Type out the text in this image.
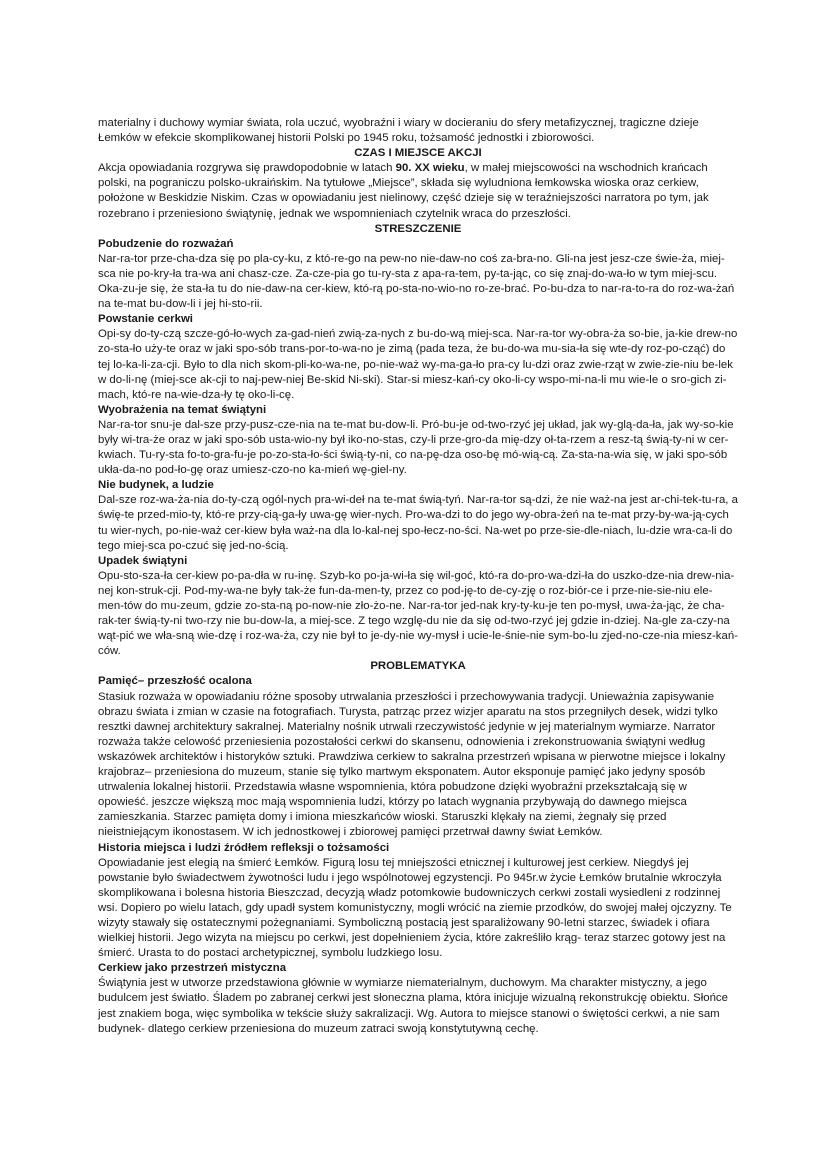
materialny i duchowy wymiar świata, rola uczuć, wyobraźni i wiary w docieraniu do sfery metafizycznej, tragiczne dzieje Łemków w efekcie skomplikowanej historii Polski po 1945 roku, tożsamość jednostki i zbiorowości.

CZAS I MIEJSCE AKCJI

Akcja opowiadania rozgrywa się prawdopodobnie w latach 90. XX wieku, w małej miejscowości na wschodnich krańcach polski, na pograniczu polsko-ukraińskim. Na tytułowe „Miejsce”, składa się wyludniona łemkowska wioska oraz cerkiew, położone w Beskidzie Niskim. Czas w opowiadaniu jest nielinowy, część dzieje się w teraźniejszości narratora po tym, jak rozebrano i przeniesiono świątynię, jednak we wspomnieniach czytelnik wraca do przeszłości.

STRESZCZENIE
Pobudzenie do rozważań

Nar-ra-tor prze-cha-dza się po pla-cy-ku, z któ-re-go na pew-no nie-daw-no coś za-bra-no. Gli-na jest jesz-cze świe-ża, miej-sca nie po-kry-ła tra-wa ani chasz-cze. Za-cze-pia go tu-ry-sta z apa-ra-tem, py-ta-jąc, co się znaj-do-wa-ło w tym miej-scu. Oka-zu-je się, że sta-ła tu do nie-daw-na cer-kiew, któ-rą po-sta-no-wio-no ro-ze-brać. Po-bu-dza to nar-ra-to-ra do roz-wa-żań na te-mat bu-dow-li i jej hi-sto-rii.

Powstanie cerkwi

Opi-sy do-ty-czą szcze-gó-ło-wych za-gad-nień zwią-za-nych z bu-do-wą miej-sca. Nar-ra-tor wy-obra-ża so-bie, ja-kie drew-no zo-sta-ło uży-te oraz w jaki spo-sób trans-por-to-wa-no je zimą (pada teza, że bu-do-wa mu-sia-ła się wte-dy roz-po-cząć) do tej lo-ka-li-za-cji. Było to dla nich skom-pli-ko-wa-ne, po-nie-waż wy-ma-ga-ło pra-cy lu-dzi oraz zwie-rząt w zwie-zie-niu be-lek w do-li-nę (miej-sce ak-cji to naj-pew-niej Be-skid Ni-ski). Star-si miesz-kań-cy oko-li-cy wspo-mi-na-li mu wie-le o sro-gich zi-mach, któ-re na-wie-dza-ły tę oko-li-cę.

Wyobrażenia na temat świątyni

Nar-ra-tor snu-je dal-sze przy-pusz-cze-nia na te-mat bu-dow-li. Pró-bu-je od-two-rzyć jej układ, jak wy-glą-da-ła, jak wy-so-kie były wi-tra-że oraz w jaki spo-sób usta-wio-ny był iko-no-stas, czy-li prze-gro-da mię-dzy oł-ta-rzem a resz-tą świą-ty-ni w cer-kwiach. Tu-ry-sta fo-to-gra-fu-je po-zo-sta-ło-ści świą-ty-ni, co na-pę-dza oso-bę mó-wią-cą. Za-sta-na-wia się, w jaki spo-sób ukła-da-no pod-ło-gę oraz umiesz-czo-no ka-mień wę-giel-ny.

Nie budynek, a ludzie

Dal-sze roz-wa-ża-nia do-ty-czą ogól-nych pra-wi-deł na te-mat świą-tyń. Nar-ra-tor są-dzi, że nie waż-na jest ar-chi-tek-tu-ra, a świę-te przed-mio-ty, któ-re przy-cią-ga-ły uwa-gę wier-nych. Pro-wa-dzi to do jego wy-obra-żeń na te-mat przy-by-wa-ją-cych tu wier-nych, po-nie-waż cer-kiew była waż-na dla lo-kal-nej spo-łecz-no-ści. Na-wet po prze-sie-dle-niach, lu-dzie wra-ca-li do tego miej-sca po-czuć się jed-no-ścią.

Upadek świątyni

Opu-sto-sza-ła cer-kiew po-pa-dła w ru-inę. Szyb-ko po-ja-wi-ła się wil-goć, któ-ra do-pro-wa-dzi-ła do uszko-dze-nia drew-nia-nej kon-struk-cji. Pod-my-wa-ne były tak-że fun-da-men-ty, przez co pod-ję-to de-cy-zję o roz-biór-ce i prze-nie-sie-niu ele-men-tów do mu-zeum, gdzie zo-sta-ną po-now-nie zło-żo-ne. Nar-ra-tor jed-nak kry-ty-ku-je ten po-mysł, uwa-ża-jąc, że cha-rak-ter świą-ty-ni two-rzy nie bu-dow-la, a miej-sce. Z tego wzglę-du nie da się od-two-rzyć jej gdzie in-dziej. Na-gle za-czy-na wąt-pić we wła-sną wie-dzę i roz-wa-ża, czy nie był to je-dy-nie wy-mysł i ucie-le-śnie-nie sym-bo-lu zjed-no-cze-nia miesz-kań-ców.

PROBLEMATYKA
Pamięć– przeszłość ocalona

Stasiuk rozważa w opowiadaniu różne sposoby utrwalania przeszłości i przechowywania tradycji. Unieważnia zapisywanie obrazu świata i zmian w czasie na fotografiach. Turysta, patrząc przez wizjer aparatu na stos przegniłych desek, widzi tylko resztki dawnej architektury sakralnej. Materialny nośnik utrwali rzeczywistość jedynie w jej materialnym wymiarze. Narrator rozważa także celowość przeniesienia pozostałości cerkwi do skansenu, odnowienia i zrekonstruowania świątyni według wskazówek architektów i historyków sztuki. Prawdziwa cerkiew to sakralna przestrzeń wpisana w pierwotne miejsce i lokalny krajobraz– przeniesiona do muzeum, stanie się tylko martwym eksponatem. Autor eksponuje pamięć jako jedyny sposób utrwalenia lokalnej historii. Przedstawia własne wspomnienia, która pobudzone dzięki wyobraźni przekształcają się w opowieść. jeszcze większą moc mają wspomnienia ludzi, którzy po latach wygnania przybywają do dawnego miejsca zamieszkania. Starzec pamięta domy i imiona mieszkańców wioski. Staruszki klękały na ziemi, żegnały się przed nieistniejącym ikonostasem. W ich jednostkowej i zbiorowej pamięci przetrwał dawny świat Łemków.

Historia miejsca i ludzi źródłem refleksji o tożsamości

Opowiadanie jest elegią na śmierć Łemków. Figurą losu tej mniejszości etnicznej i kulturowej jest cerkiew. Niegdyś jej powstanie było świadectwem żywotności ludu i jego wspólnotowej egzystencji. Po 945r.w życie Łemków brutalnie wkroczyła skomplikowana i bolesna historia Bieszczad, decyzją władz potomkowie budowniczych cerkwi zostali wysiedleni z rodzinnej wsi. Dopiero po wielu latach, gdy upadł system komunistyczny, mogli wrócić na ziemie przodków, do swojej małej ojczyzny. Te wizyty stawały się ostatecznymi pożegnaniami. Symboliczną postacią jest sparaliżowany 90-letni starzec, świadek i ofiara wielkiej historii. Jego wizyta na miejscu po cerkwi, jest dopełnieniem życia, które zakreśliło krąg- teraz starzec gotowy jest na śmierć. Urasta to do postaci archetypicznej, symbolu ludzkiego losu.

Cerkiew jako przestrzeń mistyczna

Świątynia jest w utworze przedstawiona głównie w wymiarze niematerialnym, duchowym. Ma charakter mistyczny, a jego budulcem jest światło. Śladem po zabranej cerkwi jest słoneczna plama, która inicjuje wizualną rekonstrukcję obiektu. Słońce jest znakiem boga, więc symbolika w tekście służy sakralizacji. Wg. Autora to miejsce stanowi o świętości cerkwi, a nie sam budynek- dlatego cerkiew przeniesiona do muzeum zatraci swoją konstytutywną cechę.
